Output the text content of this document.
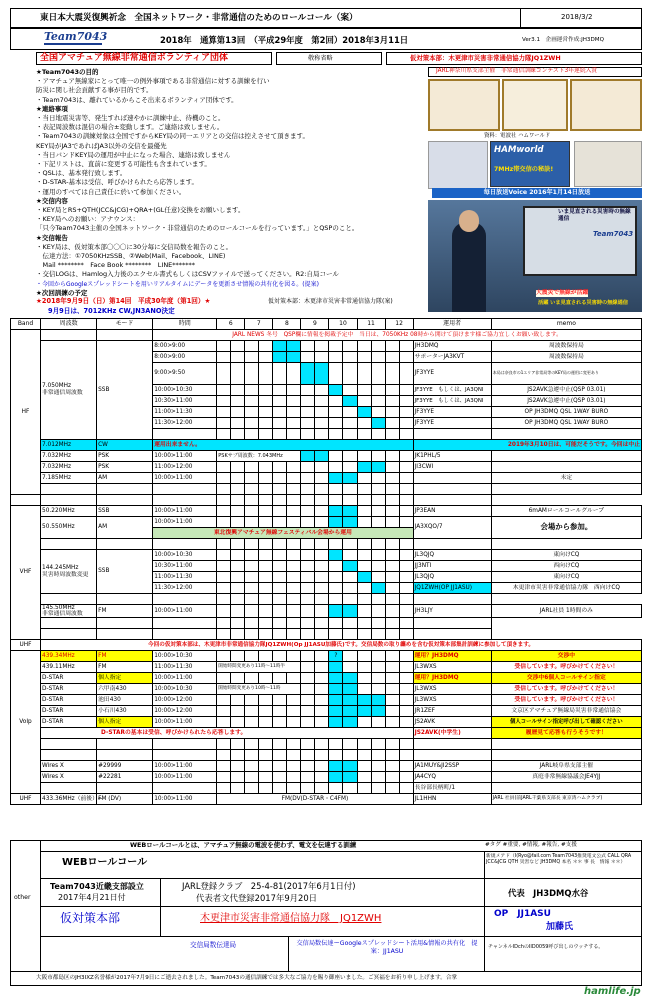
東日本大震災復興祈念　全国ネットワーク・非常通信のためのロールコール（案）	2018/3/2
Team7043	2018年　通算第13回　（平成29年度　第2回）2018年3月11日	Ver3.1　企画運営作成:JH3DMQ
全国アマチュア無線非常通信ボランティア団体	敬称省略	仮対策本部：木更津市災害非常通信協力隊JQ1ZWH
★Team7043の目的
・アマチュア無線家にとって唯一の例外事項である非常通信に対する訓練を行い
防災に関し社会貢献する事が目的です。
・Team7043は、離れているからこそ出来るボランティア団体です。
★連絡事項
・当日地震災害等、発生すれば速やかに訓練中止、待機のこと。
・表記周波数は混信の場合±変動します。ご連絡は致しません。
・Team7043の訓練対象は全国ですからKEY局の同一エリアとの交信は控えさせて頂きます。
KEY局がJA3であればJA3以外の交信を最優先
・当日バンドKEY局の運用が中止になった場合、連絡は致しません
・下記リストは、直前に変更する可能性も含まれています。
・QSLは、基本発行致します。
・D-STAR-基本は受信、呼びかけられたら応答します。
・運用のすべては自己責任に於いて参加ください。
★交信内容
・KEY局とRS+QTH(JCC&JCG)+QRA+(GL任意)交換をお願いします。
・KEY局へのお願い：アナウンス：
「只今Team7043主催の全国ネットワーク・非常通信のためのロールコールを行っています。」とQSPのこと。
★交信報告
・KEY局は、仮対策本部〇〇〇に30分毎に交信局数を報告のこと。
　伝達方法：①7050KHzSSB、②Web(Mail、Facebook、LINE)
　Mail ********　Face Book ********　LINE*******
・交信LOGは、Hamlog入力後のエクセル書式もしくはCSVファイルで送ってください。R2:自局コール
・今回からGoogleスプレッドシートを用いリアルタイムにデータを更新させ情報の共有化を図る。(提案)
★次回訓練の予定
★2018年9月9日（日）第14回　平成30年度（第1回）★	仮対策本部：木更津市災害非常通信協力隊(案)
9月9日は、7012KHz CW,JN3ANO決定
JARL神奈川県支部主催　非常通信訓練コンテスト3年連続入賞
資料：電波社 ハムワールド
HAMworld
7MHz帯交信の秘訣!
毎日放送Voice 2016年1月14日放送
いま見直される災害時の無線通信
Team7043
大震災で無線が活躍
活躍 いま見直される災害時の無線通信
Band	周波数	モード	時間	6		7		8		9		10		11		12		運用者	memo
HF			JARL NEWS 冬号　QSP欄に情報を掲載予定中　当日は、7050KHz 08時から開けて頂けます様ご協力宜しくお願い致します。																
	7.050MHz
非常通信周波数	SSB	8:00>9:00															JH3DMQ	周波数保持局
			8:00>9:00															サポーターJA3KVT	周波数保持局
			9:00>9:50															JF3YYE	本局は奈良市の1エリア非常局等のKEY局の運用に変更あり
			10:00>10:30															JF3YYE　もしくは、JA3QNI	JS2AVK急遽中止(QSP 03.01)
			10:30>11:00															JF3YYE　もしくは、JA3QNI	JS2AVK急遽中止(QSP 03.01)
			11:00>11:30															JF3YYE	OP JH3DMQ QSL 1WAY BURO
			11:30>12:00															JF3YYE	OP JH3DMQ QSL 1WAY BURO

	7.012MHz	CW	運用出来ません。															2019年3月10日は、可能だそうです。今回は中止	
	7.032MHz	PSK	10:00>11:00	PSKサブ周波数：7.043MHz														JK1PHL/5	
	7.032MHz	PSK	11:00>12:00															JI3CWI	
	7.185MHz	AM	10:00>11:00																未定

VHF	50.220MHz	SSB	10:00>11:00															JP3EAN	6mAMロールコールグループ
	50.550MHz	AM	10:00>11:00															JA3XQO/7	会場から参加。
			東北復興アマチュア無線フェスティバル会場から運用																

	144.245MHz
災害時周波数変更	SSB	10:00>10:30															JL3QJQ	東向けCQ
			10:30>11:00															JJ3NTI	西向けCQ
			11:00>11:30															JL3QJQ	東向けCQ
			11:30>12:00															JQ1ZWH(OP JJ1ASU)	木更津市災害非常通信協力隊　西向けCQ

	145.50MHz
非常通信周波数	FM	10:00>11:00															JH3LJY	JARL社員 1時間のみ

UHF	今回の仮対策本部は、木更津市非常通信協力隊JQ1ZWH(Op JJ1ASU加藤氏)です。交信局数の取り纏めを含む仮対策本部集計訓練に参加して頂きます。																		
VoIp	439.34MHz	FM	10:00>10:30									?						運用？JH3DMQ	交渉中
	439.11MHz	FM	11:00>11:30	開始時間変更あり11時〜11時半														JL3WXS	受信しています。呼びかけてください！
	D-STAR	個人指定	10:00>11:00															運用？JH3DMQ	交渉中6個人コールサイン指定
	D-STAR	六甲南430	10:00>10:30	開始時間変更あり10時〜11時														JL3WXS	受信しています。呼びかけてください！
	D-STAR	池田430	10:00>12:00															JL3WXS	受信しています。呼びかけてください！
	D-STAR	小石川430	10:00>12:00															JR1ZEF	文京区アマチュア無線局災害非常通信協会
	D-STAR	個人指定	10:00>11:00															JS2AVK	個人コールサイン指定呼び出して確認ください
	D-STARの基本は受信、呼びかけられたら応答します。																	JS2AVK(中学生)	履歴見て応答も行うそうです！

	Wires X	#29999	10:00>11:00															JA1MUY&JI2SSP	JARL岐阜県支部主催
	Wires X	#22281	10:00>11:00															JA4CYQ	真庭非常無線協議会JE4YJJ
																		長谷部長柄町/1	
UHF	433.36MHz（前後）←	FM (DV)	10:00>11:00	FM(DV(D-STAR・C4FM)														JL1HHN	JARL 社員(前JARL千葉県支部長 東京湾ハムクラブ)
WEBロールコールとは、アマチュア無線の電波を使わず、電文を伝達する訓練	#タグ #重要, #情報, #報告, #支援
other
WEBロールコール
新規メアド（I(Ryo@fail.com Team7043推奨電文公式 CALL QRA JCC&JCG QTH 災害など JH3DMQ 本名 ＊＊ 事 長　情報 ＊＊）
Team7043近畿支部設立
2017年4月21日付
JARL登録クラブ　25-4-81(2017年6月1日付)
代表者文代登録2017年9月20日	代表　JH3DMQ水谷
仮対策本部	木更津市災害非常通信協力隊　JQ1ZWH	OP　JJ1ASU
加藤氏
交信局数伝達局	交信局数伝達ーGoogleスプレッドシート活用&情報の共有化　提案：JJ1ASU
チャンネルIDchのIID0059呼び出しのウッチする。
大阪市都島区のJH3IXZ名誉様が2017年7月9日にご逝去されました。Team7043の通信訓練では多大なご協力を賜り御座いました。ご冥福をお祈り申し上げます。合掌
hamlife.jp
